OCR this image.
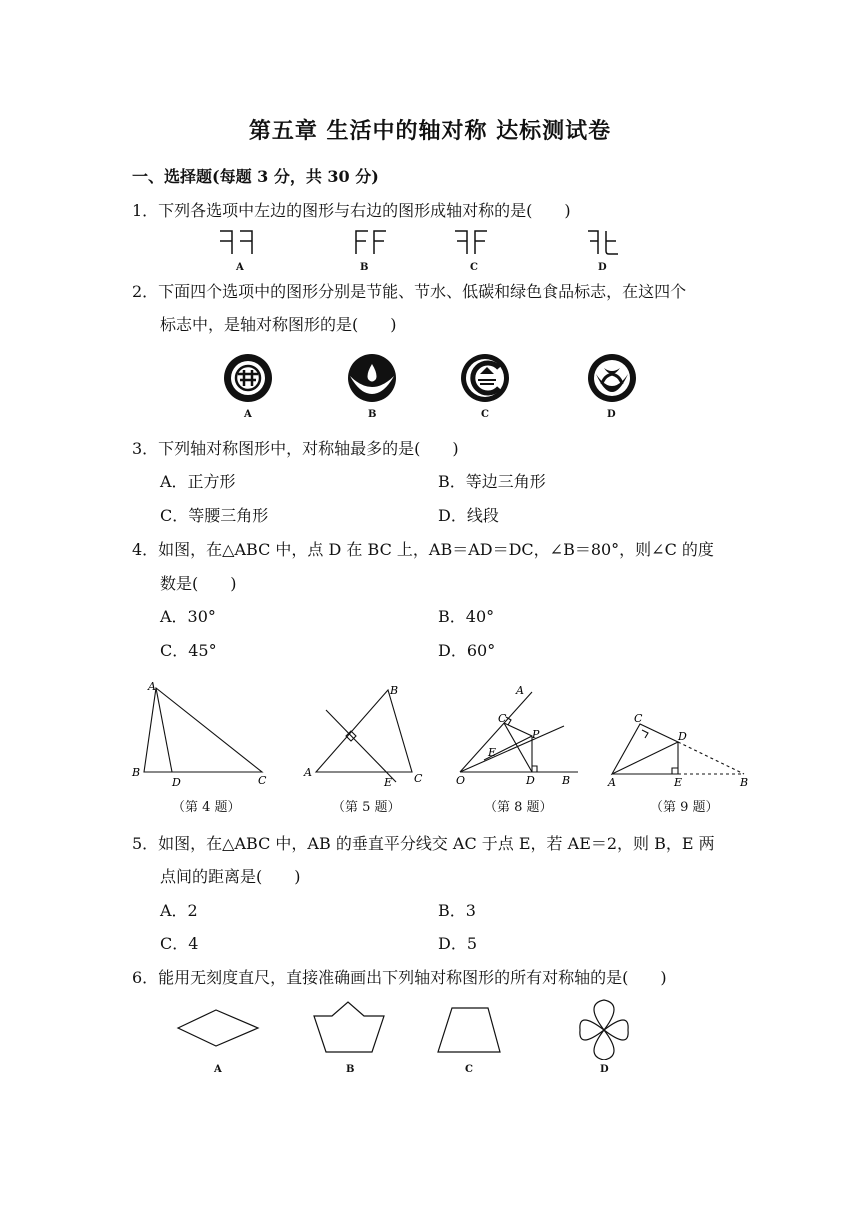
第五章 生活中的轴对称 达标测试卷
一、选择题(每题 3 分，共 30 分)
1．下列各选项中左边的图形与右边的图形成轴对称的是(　　)
A	B	C	D
2．下面四个选项中的图形分别是节能、节水、低碳和绿色食品标志，在这四个
标志中，是轴对称图形的是(　　)
A	B	C	D
3．下列轴对称图形中，对称轴最多的是(　　)
A．正方形	B．等边三角形
C．等腰三角形	D．线段
4．如图，在△ABC 中，点 D 在 BC 上，AB＝AD＝DC，∠B＝80°，则∠C 的度
数是(　　)
A．30°	B．40°
C．45°	D．60°
A
B
D	C
B
A
E C
A
C
P
E
O	D B
C
D
A	E	B
（第 4 题）	（第 5 题）	（第 8 题）	（第 9 题）
5．如图，在△ABC 中，AB 的垂直平分线交 AC 于点 E，若 AE＝2，则 B，E 两
点间的距离是(　　)
A．2	B．3
C．4	D．5
6．能用无刻度直尺，直接准确画出下列轴对称图形的所有对称轴的是(　　)
A	B	C	D
